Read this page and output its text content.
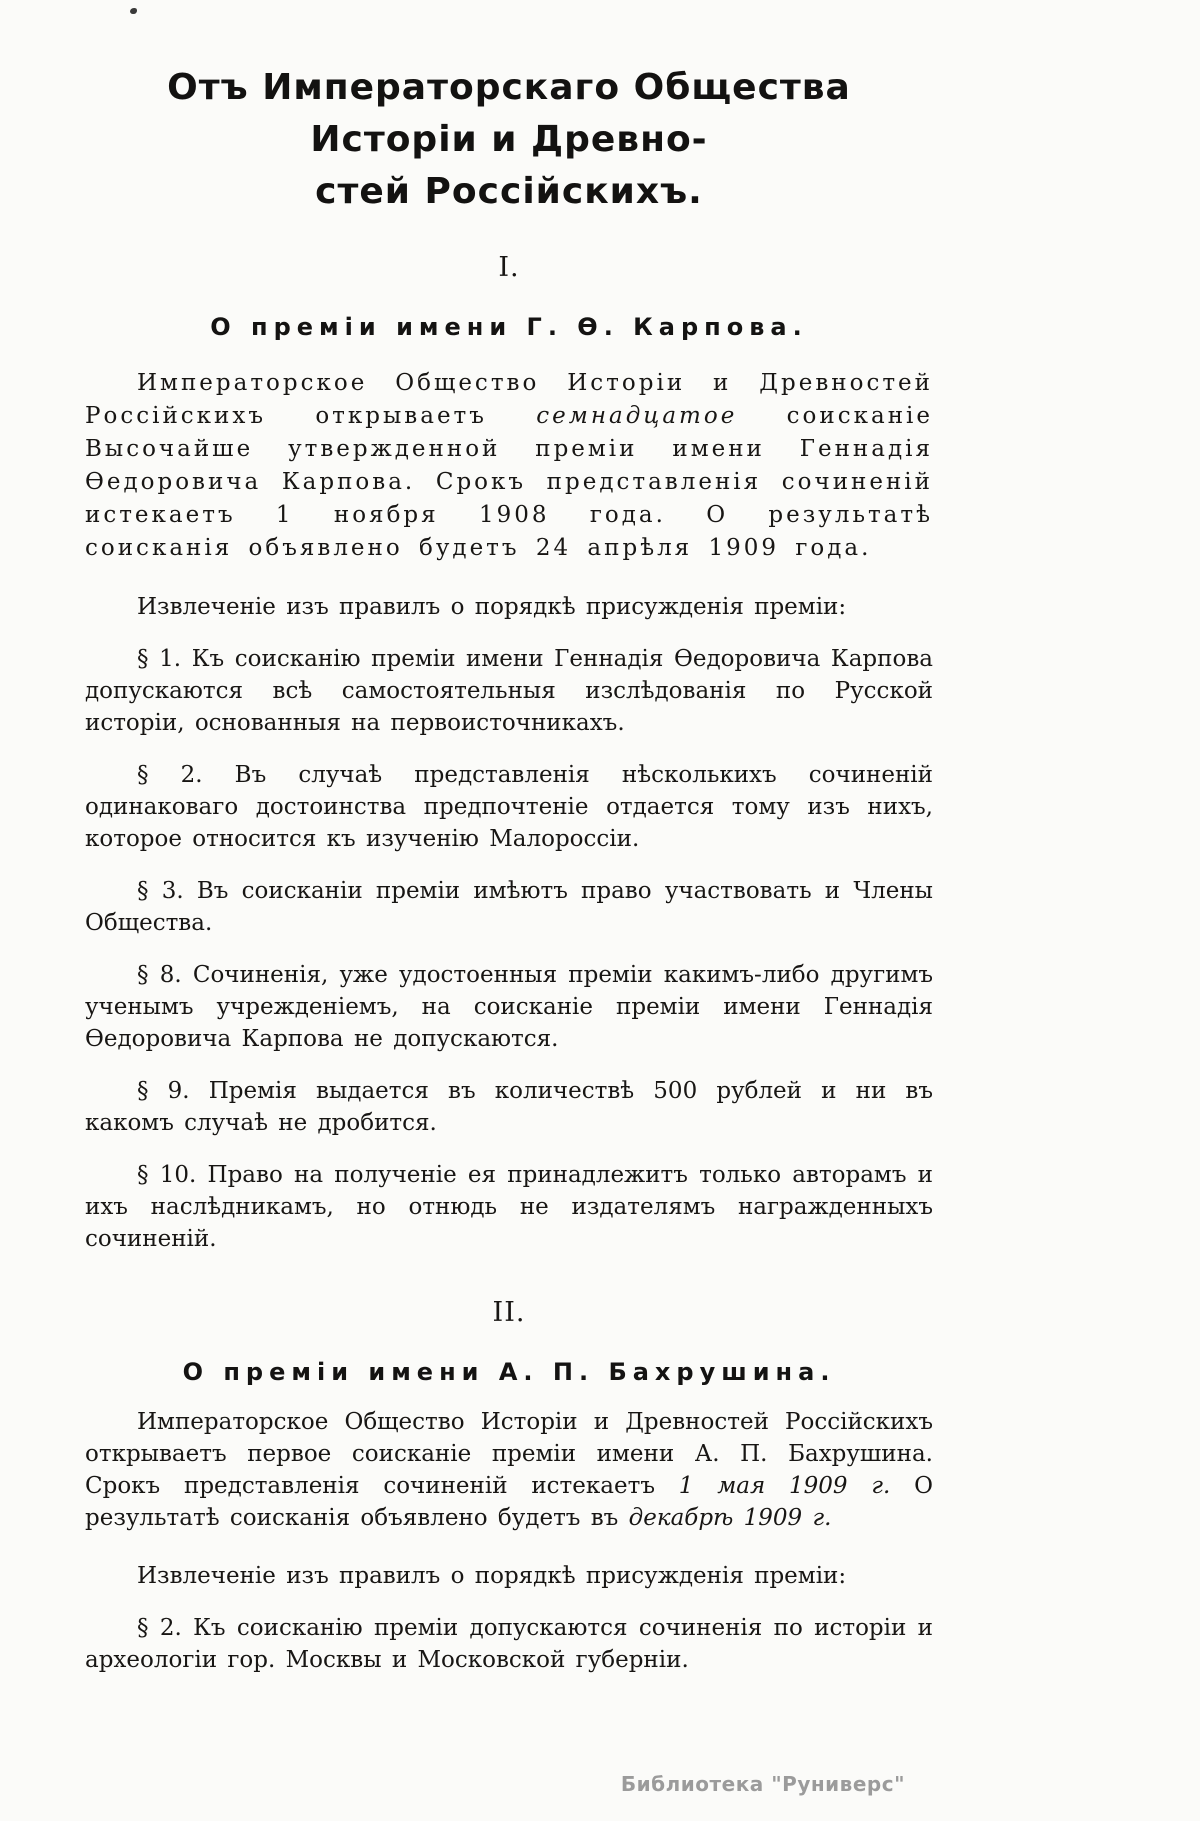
Отъ Императорскаго Общества Исторіи и Древно-
стей Россійскихъ.
I.
О преміи имени Г. Ѳ. Карпова.

Императорское Общество Исторіи и Древностей Россійскихъ открываетъ семнадцатое соисканіе Высочайше утвержденной преміи имени Геннадія Ѳедоровича Карпова. Срокъ представленія сочиненій истекаетъ 1 ноября 1908 года. О результатѣ соисканія объявлено будетъ 24 апрѣля 1909 года.

Извлеченіе изъ правилъ о порядкѣ присужденія преміи:

§ 1. Къ соисканію преміи имени Геннадія Ѳедоровича Карпова допускаются всѣ самостоятельныя изслѣдованія по Русской исторіи, основанныя на первоисточникахъ.

§ 2. Въ случаѣ представленія нѣсколькихъ сочиненій одинаковаго достоинства предпочтеніе отдается тому изъ нихъ, которое относится къ изученію Малороссіи.

§ 3. Въ соисканіи преміи имѣютъ право участвовать и Члены Общества.

§ 8. Сочиненія, уже удостоенныя преміи какимъ-либо другимъ ученымъ учрежденіемъ, на соисканіе преміи имени Геннадія Ѳедоровича Карпова не допускаются.

§ 9. Премія выдается въ количествѣ 500 рублей и ни въ какомъ случаѣ не дробится.

§ 10. Право на полученіе ея принадлежитъ только авторамъ и ихъ наслѣдникамъ, но отнюдь не издателямъ награжденныхъ сочиненій.

II.
О преміи имени А. П. Бахрушина.

Императорское Общество Исторіи и Древностей Россійскихъ открываетъ первое соисканіе преміи имени А. П. Бахрушина. Срокъ представленія сочиненій истекаетъ 1 мая 1909 г. О результатѣ соисканія объявлено будетъ въ декабрѣ 1909 г.

Извлеченіе изъ правилъ о порядкѣ присужденія преміи:

§ 2. Къ соисканію преміи допускаются сочиненія по исторіи и археологіи гор. Москвы и Московской губерніи.

Библиотека "Руниверс"
